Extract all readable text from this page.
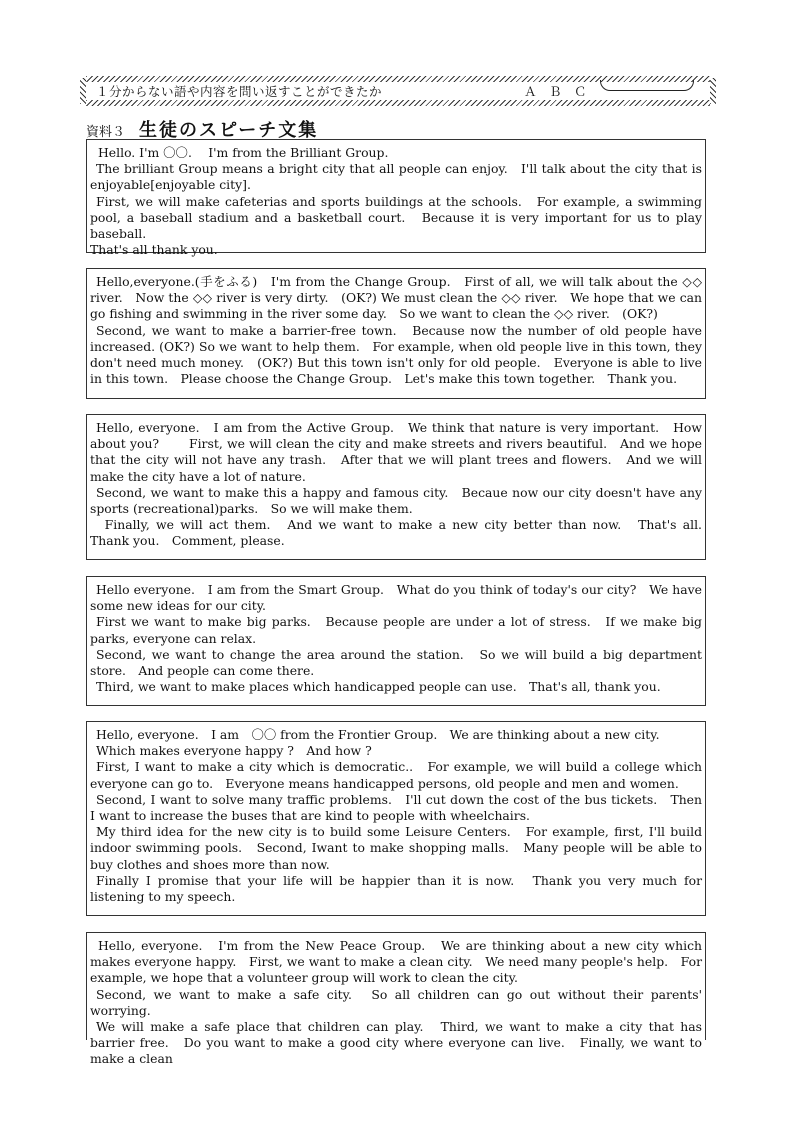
１分からない語や内容を問い返すことができたか	Ａ　Ｂ　Ｃ
資料３ 生徒のスピーチ文集

Hello. I'm 〇〇.　 I'm from the Brilliant Group.

The brilliant Group means a bright city that all people can enjoy.　I'll talk about the city that is enjoyable[enjoyable city].

First, we will make cafeterias and sports buildings at the schools.　For example, a swimming pool, a baseball stadium and a basketball court.　Because it is very important for us to play baseball.

That's all thank you.

Hello,everyone.(手をふる)　I'm from the Change Group.　First of all, we will talk about the ◇◇ river.　Now the ◇◇ river is very dirty.　(OK?) We must clean the ◇◇ river.　We hope that we can go fishing and swimming in the river some day.　So we want to clean the ◇◇ river.　(OK?)

Second, we want to make a barrier-free town.　Because now the number of old people have increased. (OK?) So we want to help them.　For example, when old people live in this town, they don't need much money.　(OK?) But this town isn't only for old people.　Everyone is able to live in this town.　Please choose the Change Group.　Let's make this town together.　Thank you.

Hello, everyone.　I am from the Active Group.　We think that nature is very important.　How about you?　　 First, we will clean the city and make streets and rivers beautiful.　And we hope that the city will not have any trash.　After that we will plant trees and flowers.　And we will make the city have a lot of nature.

Second, we want to make this a happy and famous city.　Becaue now our city doesn't have any sports (recreational)parks.　So we will make them.

　Finally, we will act them.　And we want to make a new city better than now.　That's all.　Thank you.　Comment, please.

Hello everyone.　I am from the Smart Group.　What do you think of today's our city?　We have some new ideas for our city.

First we want to make big parks.　Because people are under a lot of stress.　If we make big parks, everyone can relax.

Second, we want to change the area around the station.　So we will build a big department store.　And people can come there.

Third, we want to make places which handicapped people can use.　That's all, thank you.

Hello, everyone.　I am　〇〇 from the Frontier Group.　We are thinking about a new city.

Which makes everyone happy ?　And how ?

First, I want to make a city which is democratic..　For example, we will build a college which everyone can go to.　Everyone means handicapped persons, old people and men and women.

Second, I want to solve many traffic problems.　I'll cut down the cost of the bus tickets.　Then I want to increase the buses that are kind to people with wheelchairs.

My third idea for the new city is to build some Leisure Centers.　For example, first, I'll build indoor swimming pools.　Second, Iwant to make shopping malls.　Many people will be able to buy clothes and shoes more than now.

Finally I promise that your life will be happier than it is now.　Thank you very much for listening to my speech.

Hello, everyone.　I'm from the New Peace Group.　We are thinking about a new city which makes everyone happy.　First, we want to make a clean city.　We need many people's help.　For example, we hope that a volunteer group will work to clean the city.

Second, we want to make a safe city.　So all children can go out without their parents' worrying.

We will make a safe place that children can play.　Third, we want to make a city that has barrier free.　Do you want to make a good city where everyone can live.　Finally, we want to make a clean
